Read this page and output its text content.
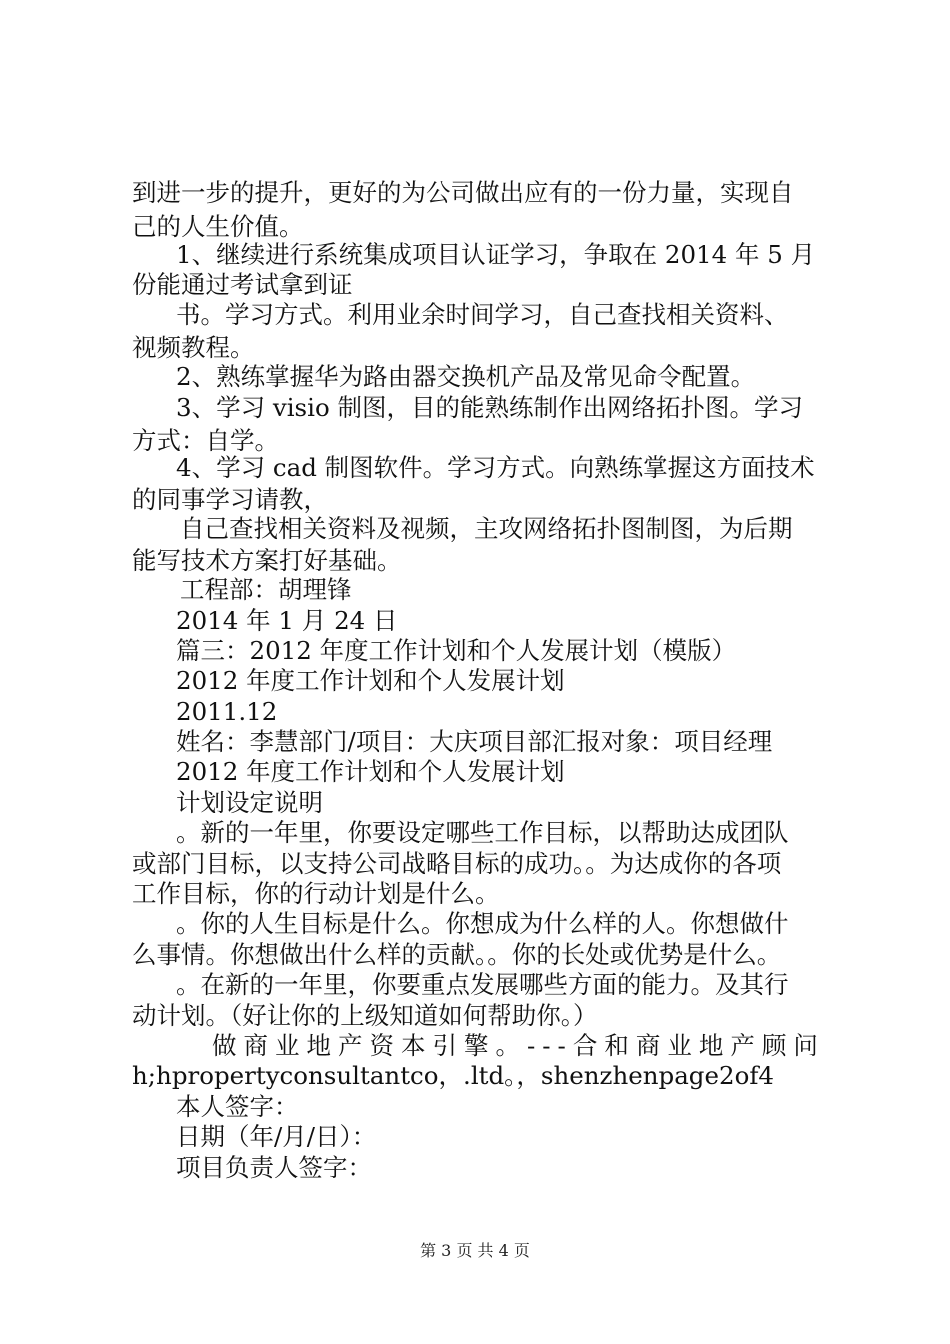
到进一步的提升，更好的为公司做出应有的一份力量，实现自
己的人生价值。
1、继续进行系统集成项目认证学习，争取在 2014 年 5 月
份能通过考试拿到证
书。学习方式。利用业余时间学习，自己查找相关资料、
视频教程。
2、熟练掌握华为路由器交换机产品及常见命令配置。
3、学习 visio 制图，目的能熟练制作出网络拓扑图。学习
方式：自学。
4、学习 cad 制图软件。学习方式。向熟练掌握这方面技术
的同事学习请教，
自己查找相关资料及视频，主攻网络拓扑图制图，为后期
能写技术方案打好基础。
工程部：胡理锋
2014 年 1 月 24 日
篇三：2012 年度工作计划和个人发展计划（模版）
2012 年度工作计划和个人发展计划
2011.12
姓名：李慧部门/项目：大庆项目部汇报对象：项目经理
2012 年度工作计划和个人发展计划
计划设定说明
。新的一年里，你要设定哪些工作目标，以帮助达成团队
或部门目标，以支持公司战略目标的成功。。为达成你的各项
工作目标，你的行动计划是什么。
。你的人生目标是什么。你想成为什么样的人。你想做什
么事情。你想做出什么样的贡献。。你的长处或优势是什么。
。在新的一年里，你要重点发展哪些方面的能力。及其行
动计划。（好让你的上级知道如何帮助你。）
做商业地产资本引擎。---合和商业地产顾问
h;hpropertyconsultantco，.ltd。，shenzhenpage2of4
本人签字：
日期（年/月/日）：
项目负责人签字：
第 3 页 共 4 页
